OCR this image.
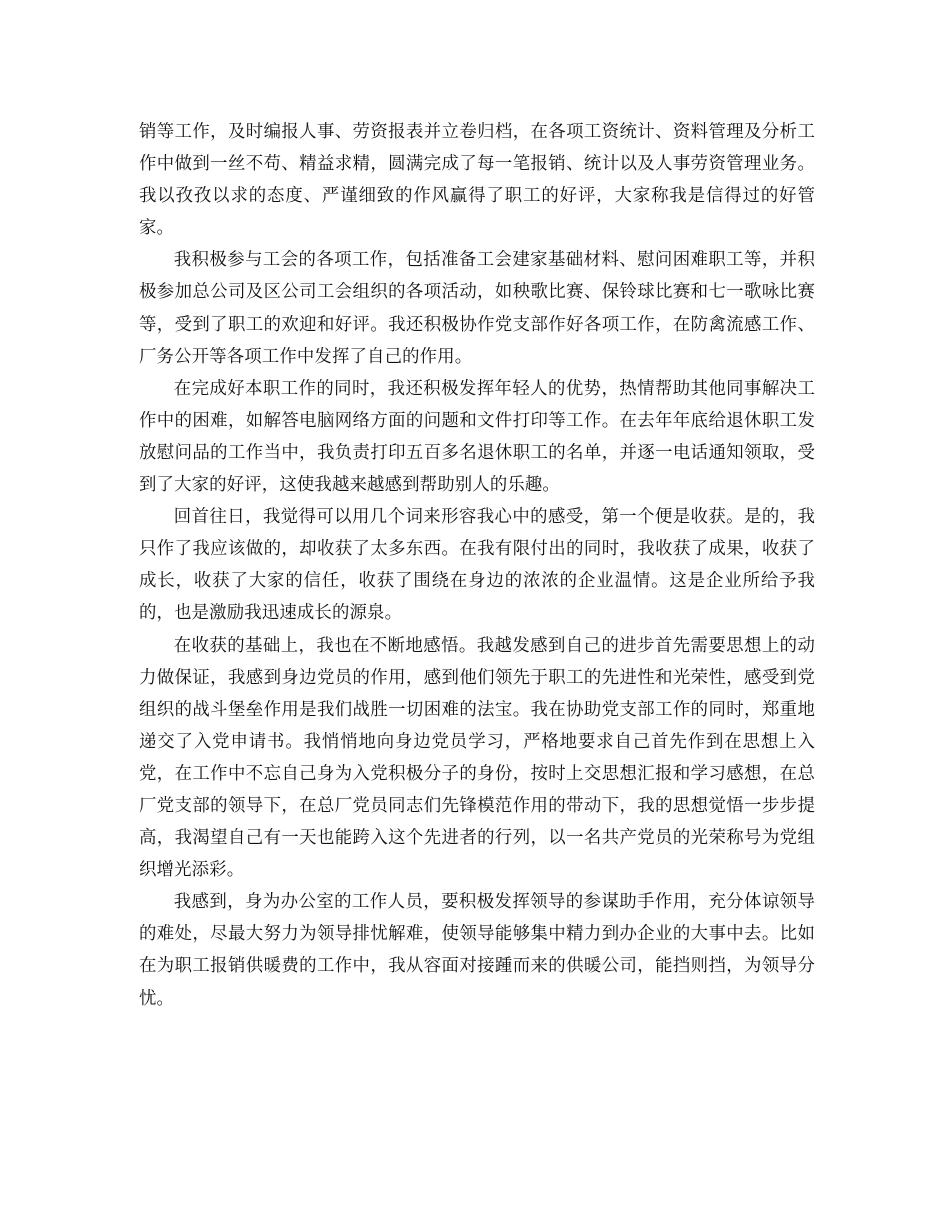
销等工作，及时编报人事、劳资报表并立卷归档，在各项工资统计、资料管理及分析工作中做到一丝不苟、精益求精，圆满完成了每一笔报销、统计以及人事劳资管理业务。我以孜孜以求的态度、严谨细致的作风赢得了职工的好评，大家称我是信得过的好管家。

我积极参与工会的各项工作，包括准备工会建家基础材料、慰问困难职工等，并积极参加总公司及区公司工会组织的各项活动，如秧歌比赛、保铃球比赛和七一歌咏比赛等，受到了职工的欢迎和好评。我还积极协作党支部作好各项工作，在防禽流感工作、厂务公开等各项工作中发挥了自己的作用。

在完成好本职工作的同时，我还积极发挥年轻人的优势，热情帮助其他同事解决工作中的困难，如解答电脑网络方面的问题和文件打印等工作。在去年年底给退休职工发放慰问品的工作当中，我负责打印五百多名退休职工的名单，并逐一电话通知领取，受到了大家的好评，这使我越来越感到帮助别人的乐趣。

回首往日，我觉得可以用几个词来形容我心中的感受，第一个便是收获。是的，我只作了我应该做的，却收获了太多东西。在我有限付出的同时，我收获了成果，收获了成长，收获了大家的信任，收获了围绕在身边的浓浓的企业温情。这是企业所给予我的，也是激励我迅速成长的源泉。

在收获的基础上，我也在不断地感悟。我越发感到自己的进步首先需要思想上的动力做保证，我感到身边党员的作用，感到他们领先于职工的先进性和光荣性，感受到党组织的战斗堡垒作用是我们战胜一切困难的法宝。我在协助党支部工作的同时，郑重地递交了入党申请书。我悄悄地向身边党员学习，严格地要求自己首先作到在思想上入党，在工作中不忘自己身为入党积极分子的身份，按时上交思想汇报和学习感想，在总厂党支部的领导下，在总厂党员同志们先锋模范作用的带动下，我的思想觉悟一步步提高，我渴望自己有一天也能跨入这个先进者的行列，以一名共产党员的光荣称号为党组织增光添彩。

我感到，身为办公室的工作人员，要积极发挥领导的参谋助手作用，充分体谅领导的难处，尽最大努力为领导排忧解难，使领导能够集中精力到办企业的大事中去。比如在为职工报销供暖费的工作中，我从容面对接踵而来的供暖公司，能挡则挡，为领导分忧。
